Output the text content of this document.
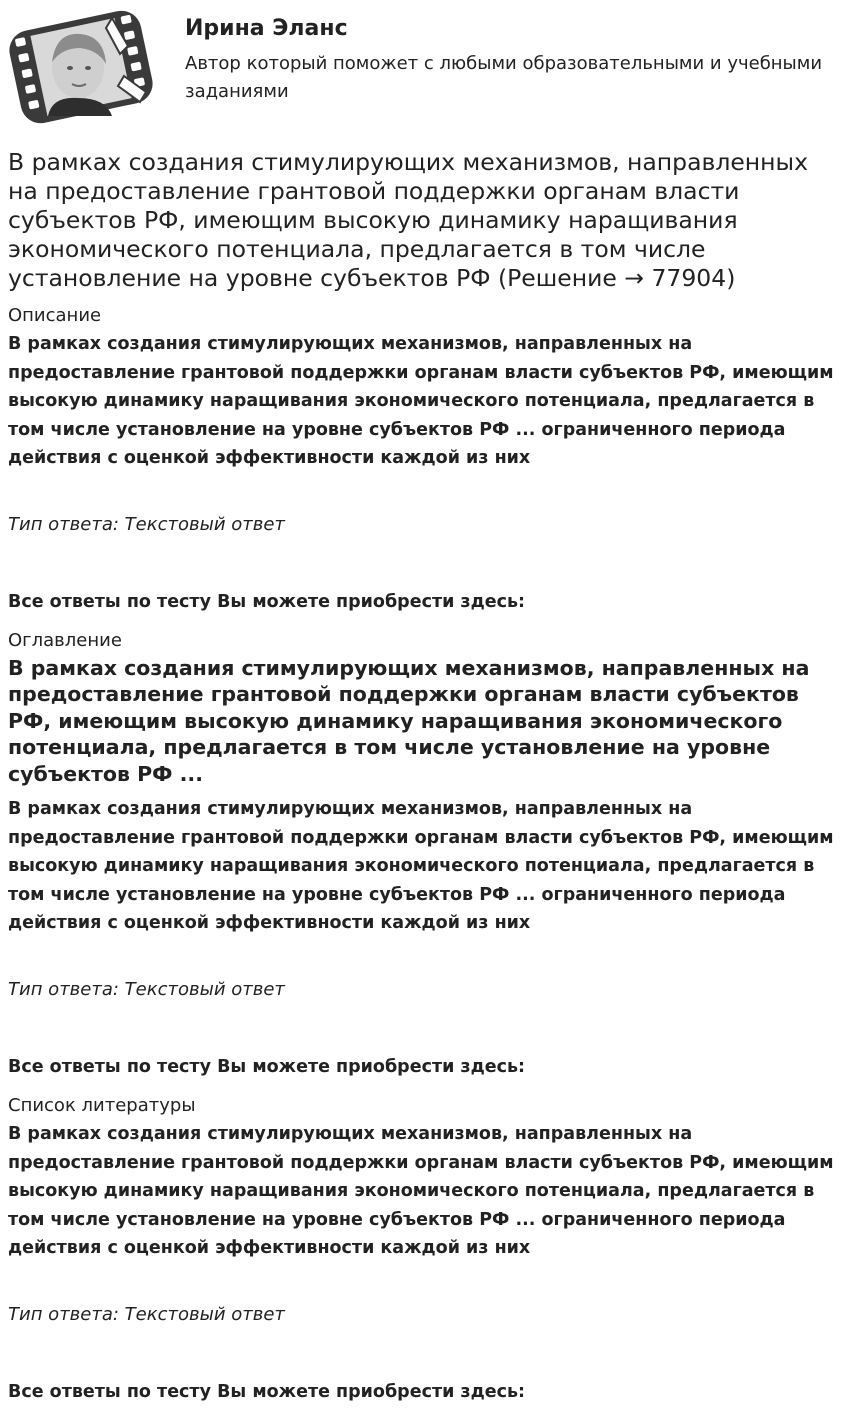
Ирина Эланс

Автор который поможет с любыми образовательными и учебными заданиями

В рамках создания стимулирующих механизмов, направленных на предоставление грантовой поддержки органам власти субъектов РФ, имеющим высокую динамику наращивания экономического потенциала, предлагается в том числе установление на уровне субъектов РФ (Решение → 77904)

Описание

В рамках создания стимулирующих механизмов, направленных на предоставление грантовой поддержки органам власти субъектов РФ, имеющим высокую динамику наращивания экономического потенциала, предлагается в том числе установление на уровне субъектов РФ ... ограниченного периода действия с оценкой эффективности каждой из них

Тип ответа: Текстовый ответ

Все ответы по тесту Вы можете приобрести здесь:

Оглавление

В рамках создания стимулирующих механизмов, направленных на предоставление грантовой поддержки органам власти субъектов РФ, имеющим высокую динамику наращивания экономического потенциала, предлагается в том числе установление на уровне субъектов РФ ...

В рамках создания стимулирующих механизмов, направленных на предоставление грантовой поддержки органам власти субъектов РФ, имеющим высокую динамику наращивания экономического потенциала, предлагается в том числе установление на уровне субъектов РФ ... ограниченного периода действия с оценкой эффективности каждой из них

Тип ответа: Текстовый ответ

Все ответы по тесту Вы можете приобрести здесь:

Список литературы

В рамках создания стимулирующих механизмов, направленных на предоставление грантовой поддержки органам власти субъектов РФ, имеющим высокую динамику наращивания экономического потенциала, предлагается в том числе установление на уровне субъектов РФ ... ограниченного периода действия с оценкой эффективности каждой из них

Тип ответа: Текстовый ответ

Все ответы по тесту Вы можете приобрести здесь:
